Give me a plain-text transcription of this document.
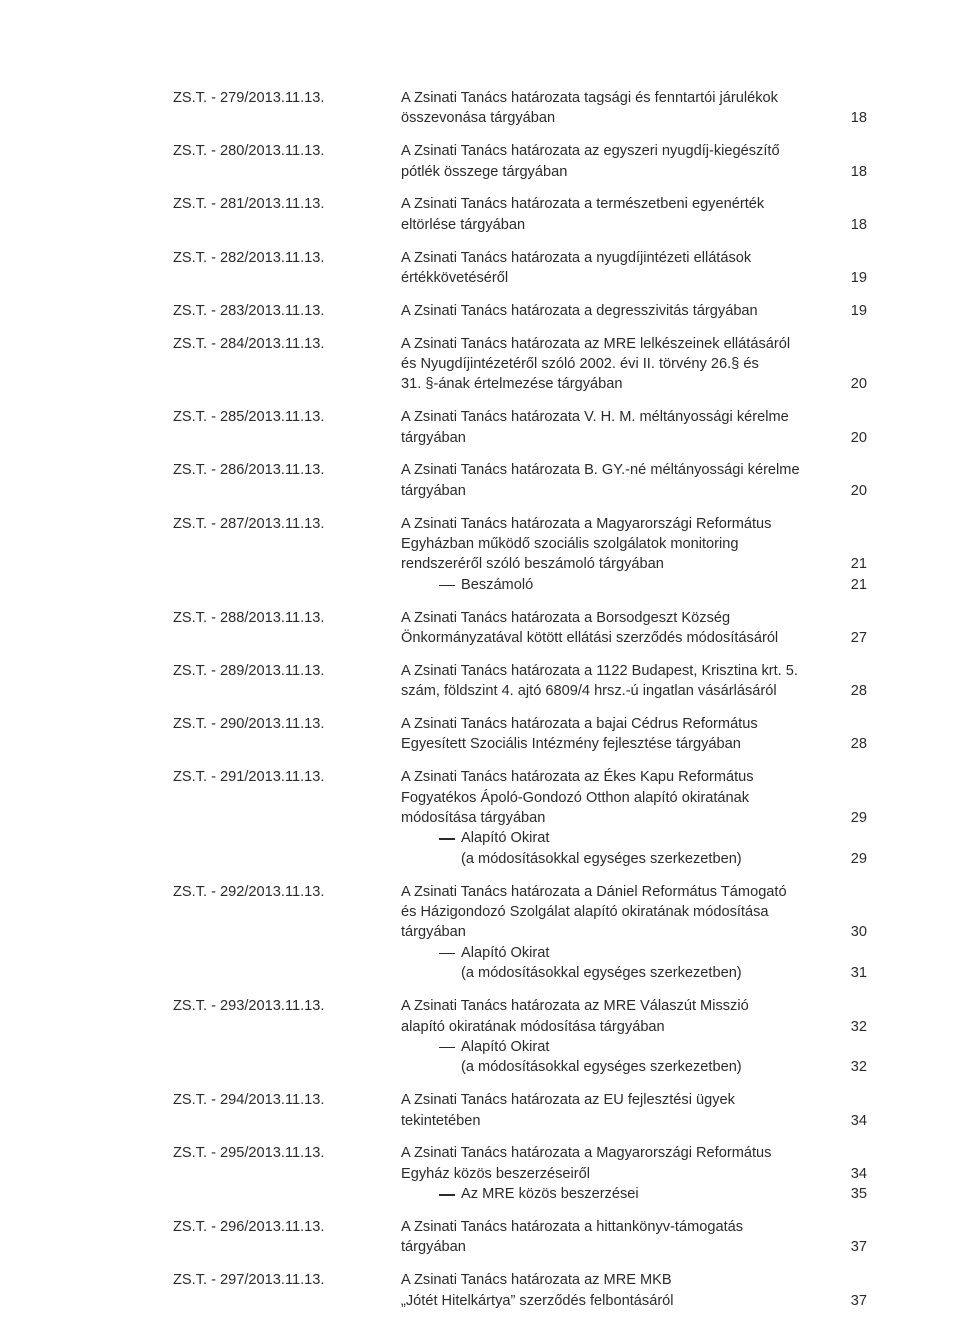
ZS.T. - 279/2013.11.13.	A Zsinati Tanács határozata tagsági és fenntartói járulékok
összevonása tárgyában	18
ZS.T. - 280/2013.11.13.	A Zsinati Tanács határozata az egyszeri nyugdíj-kiegészítő
pótlék összege tárgyában	18
ZS.T. - 281/2013.11.13.	A Zsinati Tanács határozata a természetbeni egyenérték
eltörlése tárgyában	18
ZS.T. - 282/2013.11.13.	A Zsinati Tanács határozata a nyugdíjintézeti ellátások
értékkövetéséről	19
ZS.T. - 283/2013.11.13.	A Zsinati Tanács határozata a degresszivitás tárgyában	19
ZS.T. - 284/2013.11.13.	A Zsinati Tanács határozata az MRE lelkészeinek ellátásáról
és Nyugdíjintézetéről szóló 2002. évi II. törvény 26.§ és
31. §-ának értelmezése tárgyában	20
ZS.T. - 285/2013.11.13.	A Zsinati Tanács határozata V. H. M. méltányossági kérelme
tárgyában	20
ZS.T. - 286/2013.11.13.	A Zsinati Tanács határozata B. GY.-né méltányossági kérelme
tárgyában	20
ZS.T. - 287/2013.11.13.	A Zsinati Tanács határozata a Magyarországi Református
Egyházban működő szociális szolgálatok monitoring
rendszeréről szóló beszámoló tárgyában	21
Beszámoló	21
ZS.T. - 288/2013.11.13.	A Zsinati Tanács határozata a Borsodgeszt Község
Önkormányzatával kötött ellátási szerződés módosításáról	27
ZS.T. - 289/2013.11.13.	A Zsinati Tanács határozata a 1122 Budapest, Krisztina krt. 5.
szám, földszint 4. ajtó 6809/4 hrsz.-ú ingatlan vásárlásáról	28
ZS.T. - 290/2013.11.13.	A Zsinati Tanács határozata a bajai Cédrus Református
Egyesített Szociális Intézmény fejlesztése tárgyában	28
ZS.T. - 291/2013.11.13.	A Zsinati Tanács határozata az Ékes Kapu Református
Fogyatékos Ápoló-Gondozó Otthon alapító okiratának
módosítása tárgyában	29
Alapító Okirat
(a módosításokkal egységes szerkezetben)	29
ZS.T. - 292/2013.11.13.	A Zsinati Tanács határozata a Dániel Református Támogató
és Házigondozó Szolgálat alapító okiratának módosítása
tárgyában	30
Alapító Okirat
(a módosításokkal egységes szerkezetben)	31
ZS.T. - 293/2013.11.13.	A Zsinati Tanács határozata az MRE Válaszút Misszió
alapító okiratának módosítása tárgyában	32
Alapító Okirat
(a módosításokkal egységes szerkezetben)	32
ZS.T. - 294/2013.11.13.	A Zsinati Tanács határozata az EU fejlesztési ügyek
tekintetében	34
ZS.T. - 295/2013.11.13.	A Zsinati Tanács határozata a Magyarországi Református
Egyház közös beszerzéseiről	34
Az MRE közös beszerzései	35
ZS.T. - 296/2013.11.13.	A Zsinati Tanács határozata a hittankönyv-támogatás
tárgyában	37
ZS.T. - 297/2013.11.13.	A Zsinati Tanács határozata az MRE MKB
„Jótét Hitelkártya” szerződés felbontásáról	37
